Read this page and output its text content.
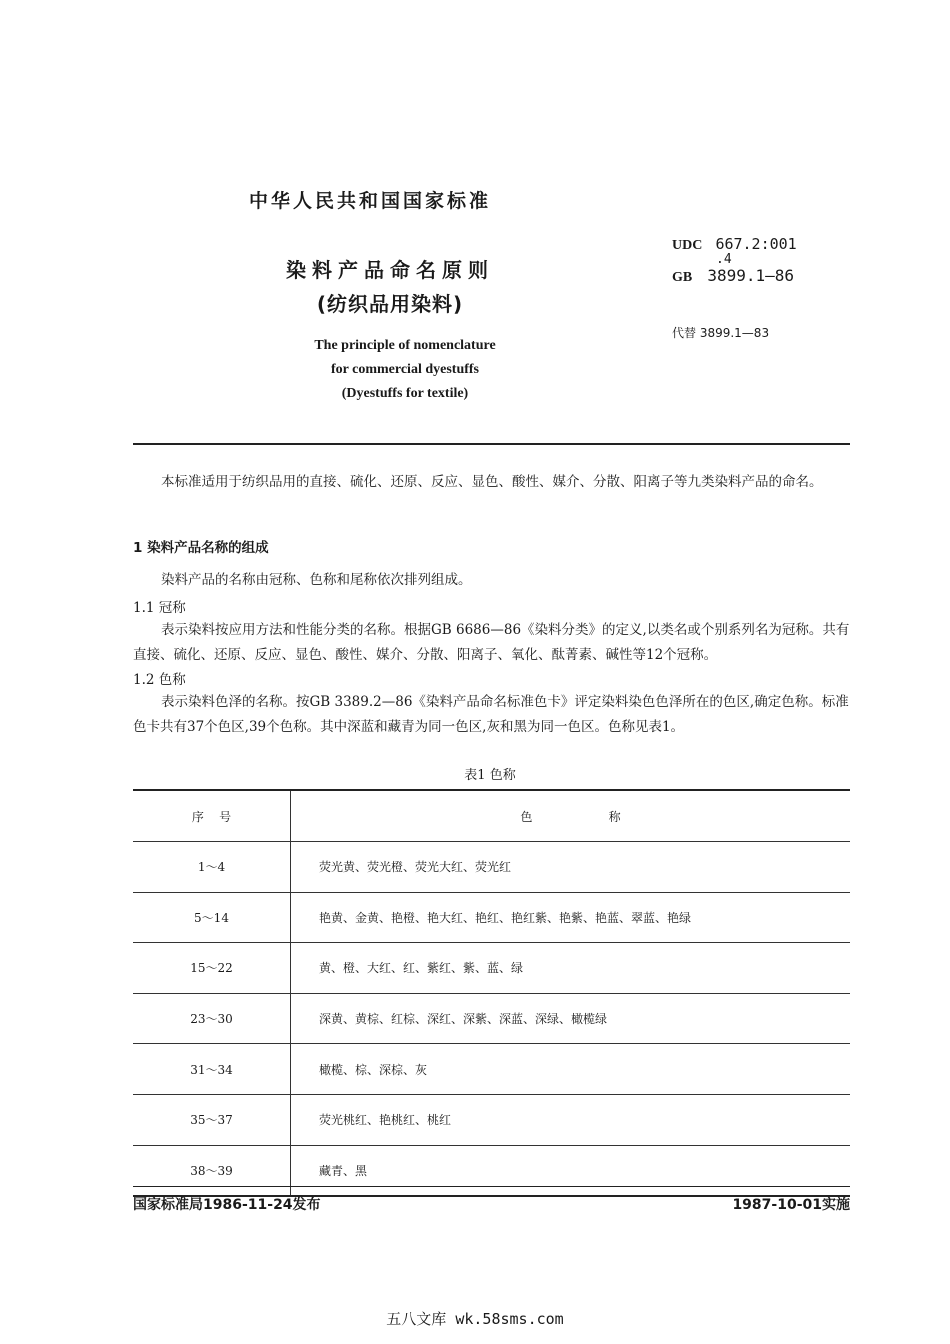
中华人民共和国国家标准
染料产品命名原则
(纺织品用染料)
The principle of nomenclature
for commercial dyestuffs
(Dyestuffs for textile)
UDC 667.2:001
.4
GB 3899.1—86
代替 3899.1—83
本标准适用于纺织品用的直接、硫化、还原、反应、显色、酸性、媒介、分散、阳离子等九类染料产品的命名。
1 染料产品名称的组成
染料产品的名称由冠称、色称和尾称依次排列组成。
1.1 冠称
表示染料按应用方法和性能分类的名称。根据GB 6686—86《染料分类》的定义,以类名或个别系列名为冠称。共有直接、硫化、还原、反应、显色、酸性、媒介、分散、阳离子、氧化、酞菁素、碱性等12个冠称。
1.2 色称
表示染料色泽的名称。按GB 3389.2—86《染料产品命名标准色卡》评定染料染色色泽所在的色区,确定色称。标准色卡共有37个色区,39个色称。其中深蓝和藏青为同一色区,灰和黑为同一色区。色称见表1。
表1 色称
序    号	色                    称
1～4	荧光黄、荧光橙、荧光大红、荧光红
5～14	艳黄、金黄、艳橙、艳大红、艳红、艳红紫、艳紫、艳蓝、翠蓝、艳绿
15～22	黄、橙、大红、红、紫红、紫、蓝、绿
23～30	深黄、黄棕、红棕、深红、深紫、深蓝、深绿、橄榄绿
31～34	橄榄、棕、深棕、灰
35～37	荧光桃红、艳桃红、桃红
38～39	藏青、黑
国家标准局1986-11-24发布	1987-10-01实施
五八文库 wk.58sms.com
